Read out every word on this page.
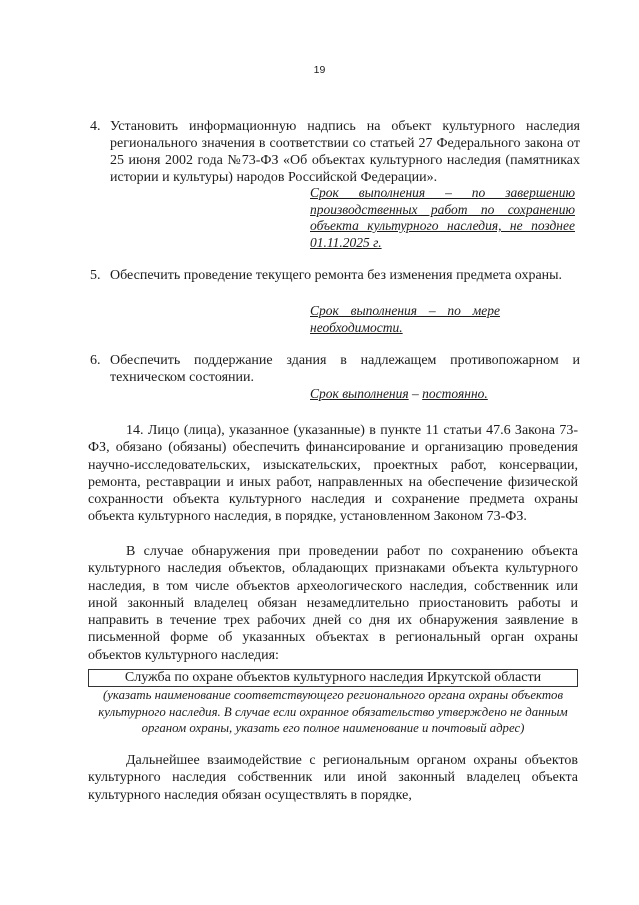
19
4. Установить информационную надпись на объект культурного наследия регионального значения в соответствии со статьей 27 Федерального закона от 25 июня 2002 года №73-ФЗ «Об объектах культурного наследия (памятниках истории и культуры) народов Российской Федерации».
Срок выполнения – по завершению производственных работ по сохранению объекта культурного наследия, не позднее 01.11.2025 г.
5. Обеспечить проведение текущего ремонта без изменения предмета охраны.
Срок выполнения – по мере необходимости.
6. Обеспечить поддержание здания в надлежащем противопожарном и техническом состоянии.
Срок выполнения – постоянно.
14. Лицо (лица), указанное (указанные) в пункте 11 статьи 47.6 Закона 73-ФЗ, обязано (обязаны) обеспечить финансирование и организацию проведения научно-исследовательских, изыскательских, проектных работ, консервации, ремонта, реставрации и иных работ, направленных на обеспечение физической сохранности объекта культурного наследия и сохранение предмета охраны объекта культурного наследия, в порядке, установленном Законом 73-ФЗ.
В случае обнаружения при проведении работ по сохранению объекта культурного наследия объектов, обладающих признаками объекта культурного наследия, в том числе объектов археологического наследия, собственник или иной законный владелец обязан незамедлительно приостановить работы и направить в течение трех рабочих дней со дня их обнаружения заявление в письменной форме об указанных объектах в региональный орган охраны объектов культурного наследия:
Служба по охране объектов культурного наследия Иркутской области
(указать наименование соответствующего регионального органа охраны объектов культурного наследия. В случае если охранное обязательство утверждено не данным органом охраны, указать его полное наименование и почтовый адрес)
Дальнейшее взаимодействие с региональным органом охраны объектов культурного наследия собственник или иной законный владелец объекта культурного наследия обязан осуществлять в порядке,
